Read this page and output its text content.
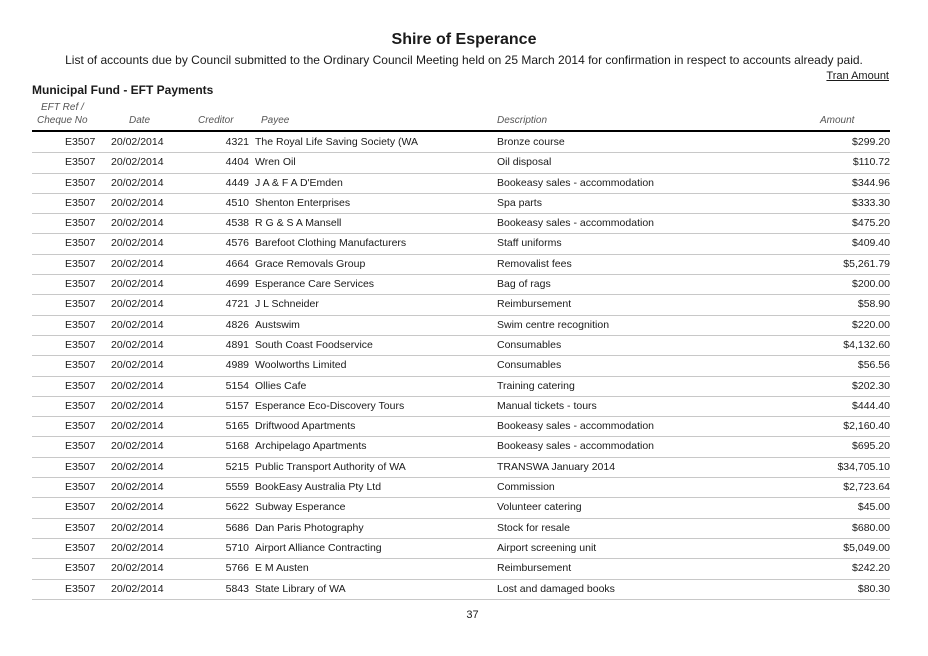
Shire of Esperance
List of accounts due by Council submitted to the Ordinary Council Meeting held on 25 March 2014 for confirmation in respect to accounts already paid.
Tran Amount
Municipal Fund - EFT Payments
EFT Ref /
Cheque No	Date	Creditor	Payee	Description	Amount
E3507 20/02/2014	4321 The Royal Life Saving Society (WA	Bronze course	$299.20
E3507 20/02/2014	4404 Wren Oil	Oil disposal	$110.72
E3507 20/02/2014	4449 J A & F A D'Emden	Bookeasy sales - accommodation	$344.96
E3507 20/02/2014	4510 Shenton Enterprises	Spa parts	$333.30
E3507 20/02/2014	4538 R G & S A Mansell	Bookeasy sales - accommodation	$475.20
E3507 20/02/2014	4576 Barefoot Clothing Manufacturers	Staff uniforms	$409.40
E3507 20/02/2014	4664 Grace Removals Group	Removalist fees	$5,261.79
E3507 20/02/2014	4699 Esperance Care Services	Bag of rags	$200.00
E3507 20/02/2014	4721 J L Schneider	Reimbursement	$58.90
E3507 20/02/2014	4826 Austswim	Swim centre recognition	$220.00
E3507 20/02/2014	4891 South Coast Foodservice	Consumables	$4,132.60
E3507 20/02/2014	4989 Woolworths Limited	Consumables	$56.56
E3507 20/02/2014	5154 Ollies Cafe	Training catering	$202.30
E3507 20/02/2014	5157 Esperance Eco-Discovery Tours	Manual tickets - tours	$444.40
E3507 20/02/2014	5165 Driftwood Apartments	Bookeasy sales - accommodation	$2,160.40
E3507 20/02/2014	5168 Archipelago Apartments	Bookeasy sales - accommodation	$695.20
E3507 20/02/2014	5215 Public Transport Authority of WA	TRANSWA January 2014	$34,705.10
E3507 20/02/2014	5559 BookEasy Australia Pty Ltd	Commission	$2,723.64
E3507 20/02/2014	5622 Subway Esperance	Volunteer catering	$45.00
E3507 20/02/2014	5686 Dan Paris Photography	Stock for resale	$680.00
E3507 20/02/2014	5710 Airport Alliance Contracting	Airport screening unit	$5,049.00
E3507 20/02/2014	5766 E M Austen	Reimbursement	$242.20
E3507 20/02/2014	5843 State Library of WA	Lost and damaged books	$80.30
37
